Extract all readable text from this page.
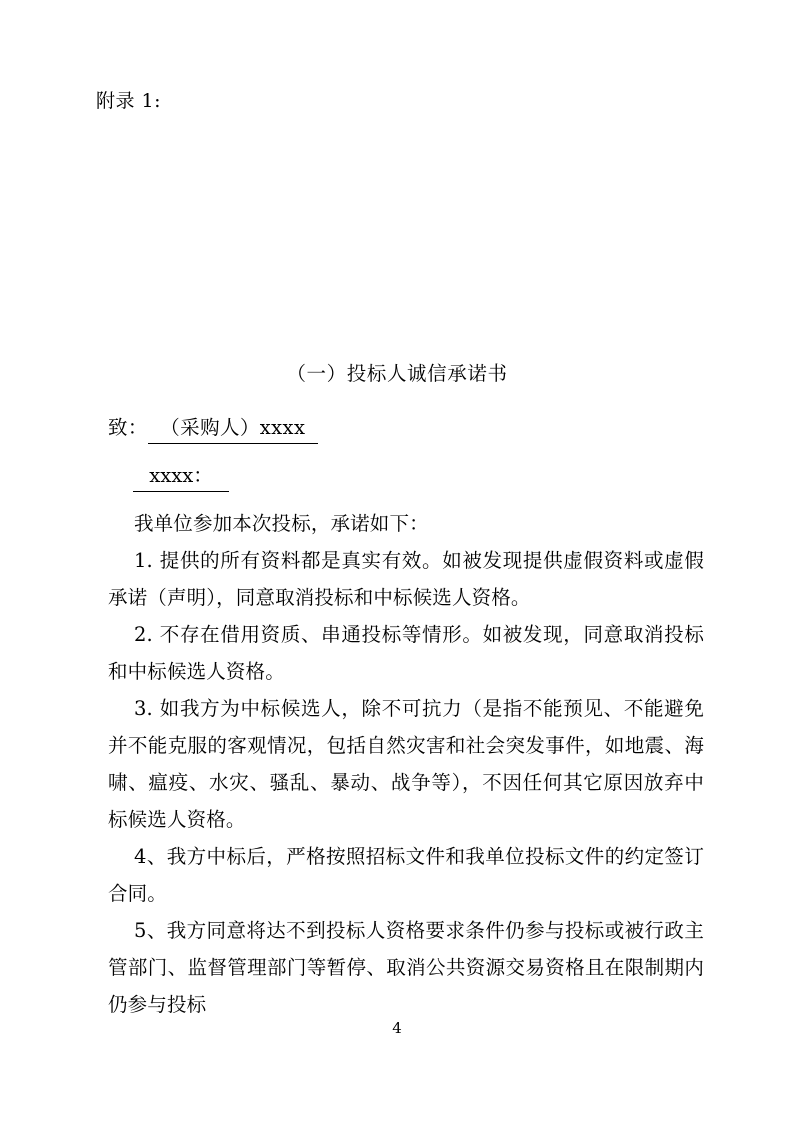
附录 1:
（一）投标人诚信承诺书
致： （采购人）xxxx
xxxx：

我单位参加本次投标，承诺如下：

1. 提供的所有资料都是真实有效。如被发现提供虚假资料或虚假承诺（声明），同意取消投标和中标候选人资格。

2. 不存在借用资质、串通投标等情形。如被发现，同意取消投标和中标候选人资格。

3. 如我方为中标候选人，除不可抗力（是指不能预见、不能避免并不能克服的客观情况，包括自然灾害和社会突发事件，如地震、海啸、瘟疫、水灾、骚乱、暴动、战争等），不因任何其它原因放弃中标候选人资格。

4、我方中标后，严格按照招标文件和我单位投标文件的约定签订合同。

5、我方同意将达不到投标人资格要求条件仍参与投标或被行政主管部门、监督管理部门等暂停、取消公共资源交易资格且在限制期内仍参与投标

4
